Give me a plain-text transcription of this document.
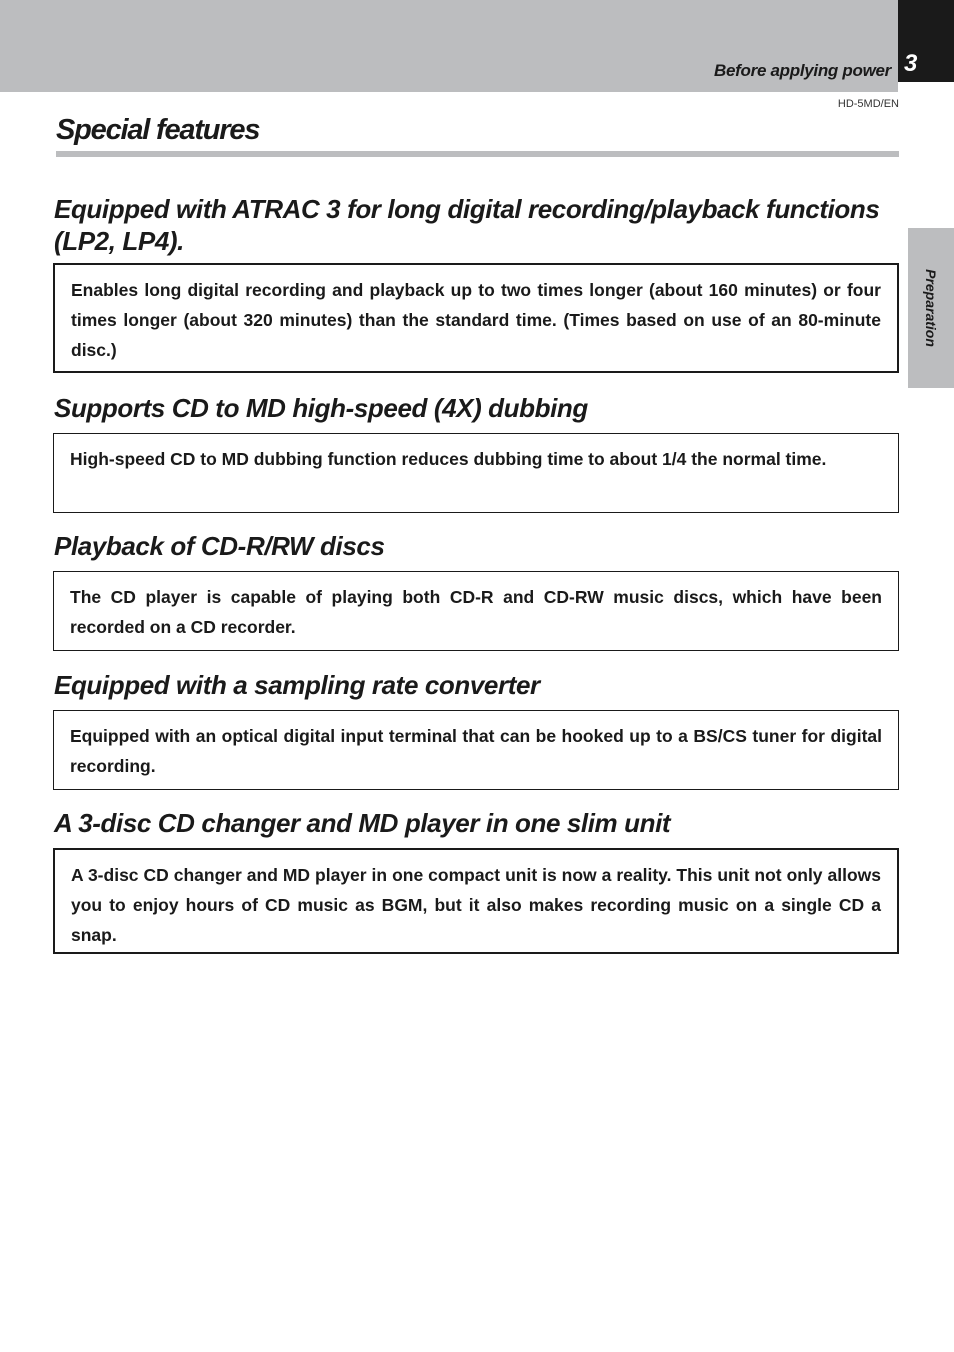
3
Before applying power
HD-5MD/EN
Special features
Preparation
Equipped with ATRAC 3 for long digital recording/playback functions (LP2, LP4).
Enables long digital recording and playback up to two times longer (about 160 minutes) or four times longer (about 320 minutes) than the standard time. (Times based on use of an 80-minute disc.)
Supports CD to MD high-speed (4X) dubbing
High-speed CD to MD dubbing function reduces dubbing time to about 1/4 the normal time.
Playback of CD-R/RW discs
The CD player is capable of playing both CD-R and CD-RW music discs, which have been recorded on a CD recorder.
Equipped with a sampling rate converter
Equipped with an optical digital input terminal that can be hooked up to a BS/CS tuner for digital recording.
A 3-disc CD changer and MD player in one slim unit
A 3-disc CD changer and MD player in one compact unit is now a reality. This unit not only allows you to enjoy hours of CD music as BGM, but it also makes recording music on a single CD a snap.
